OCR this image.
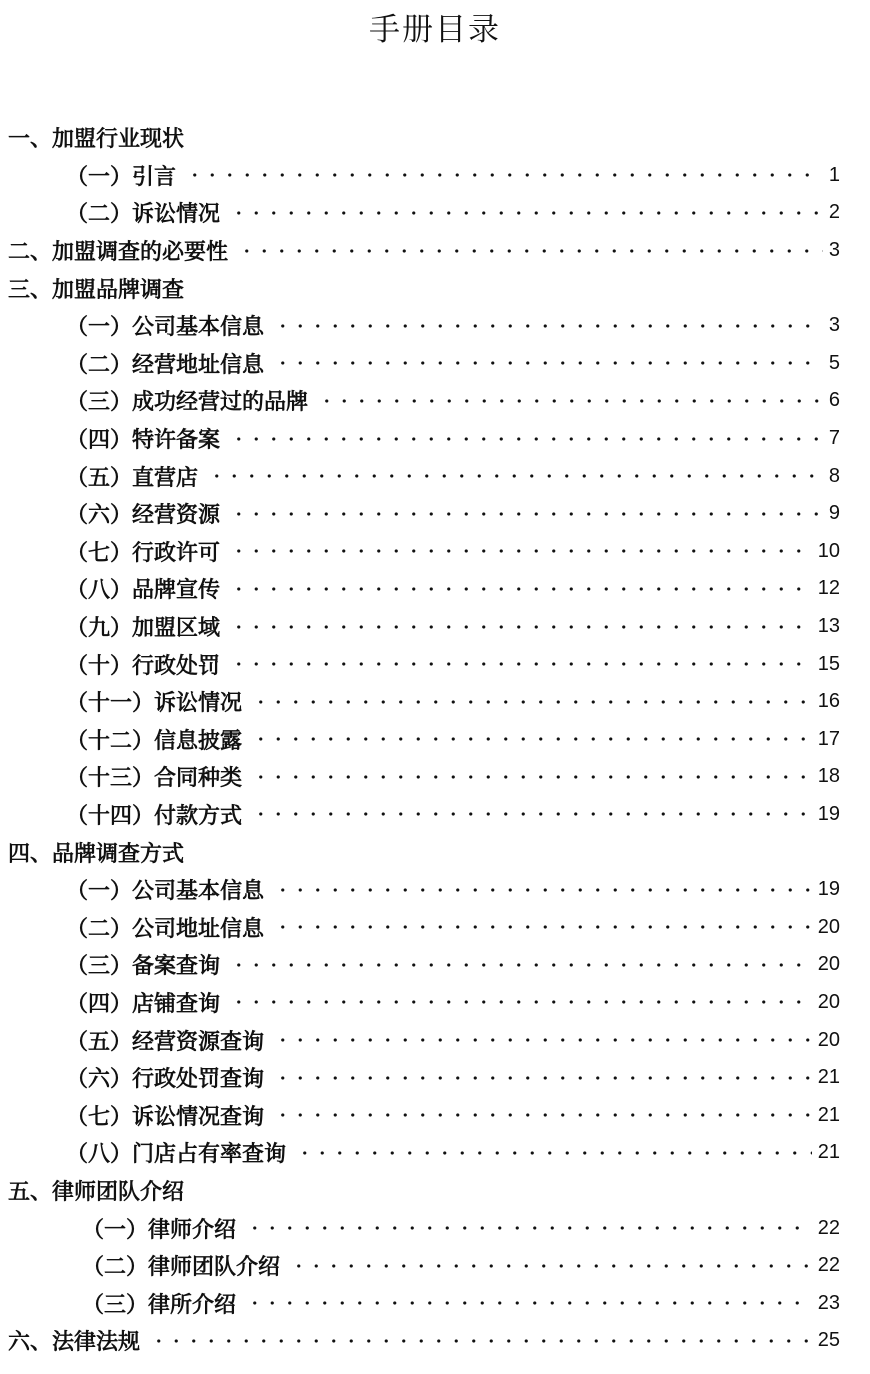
手册目录
一、加盟行业现状
（一）引言	1
（二）诉讼情况	2
二、加盟调查的必要性	3
三、加盟品牌调查
（一）公司基本信息	3
（二）经营地址信息	5
（三）成功经营过的品牌	6
（四）特许备案	7
（五）直营店	8
（六）经营资源	9
（七）行政许可	10
（八）品牌宣传	12
（九）加盟区域	13
（十）行政处罚	15
（十一）诉讼情况	16
（十二）信息披露	17
（十三）合同种类	18
（十四）付款方式	19
四、品牌调查方式
（一）公司基本信息	19
（二）公司地址信息	20
（三）备案查询	20
（四）店铺查询	20
（五）经营资源查询	20
（六）行政处罚查询	21
（七）诉讼情况查询	21
（八）门店占有率查询	21
五、律师团队介绍
（一）律师介绍	22
（二）律师团队介绍	22
（三）律所介绍	23
六、法律法规	25
